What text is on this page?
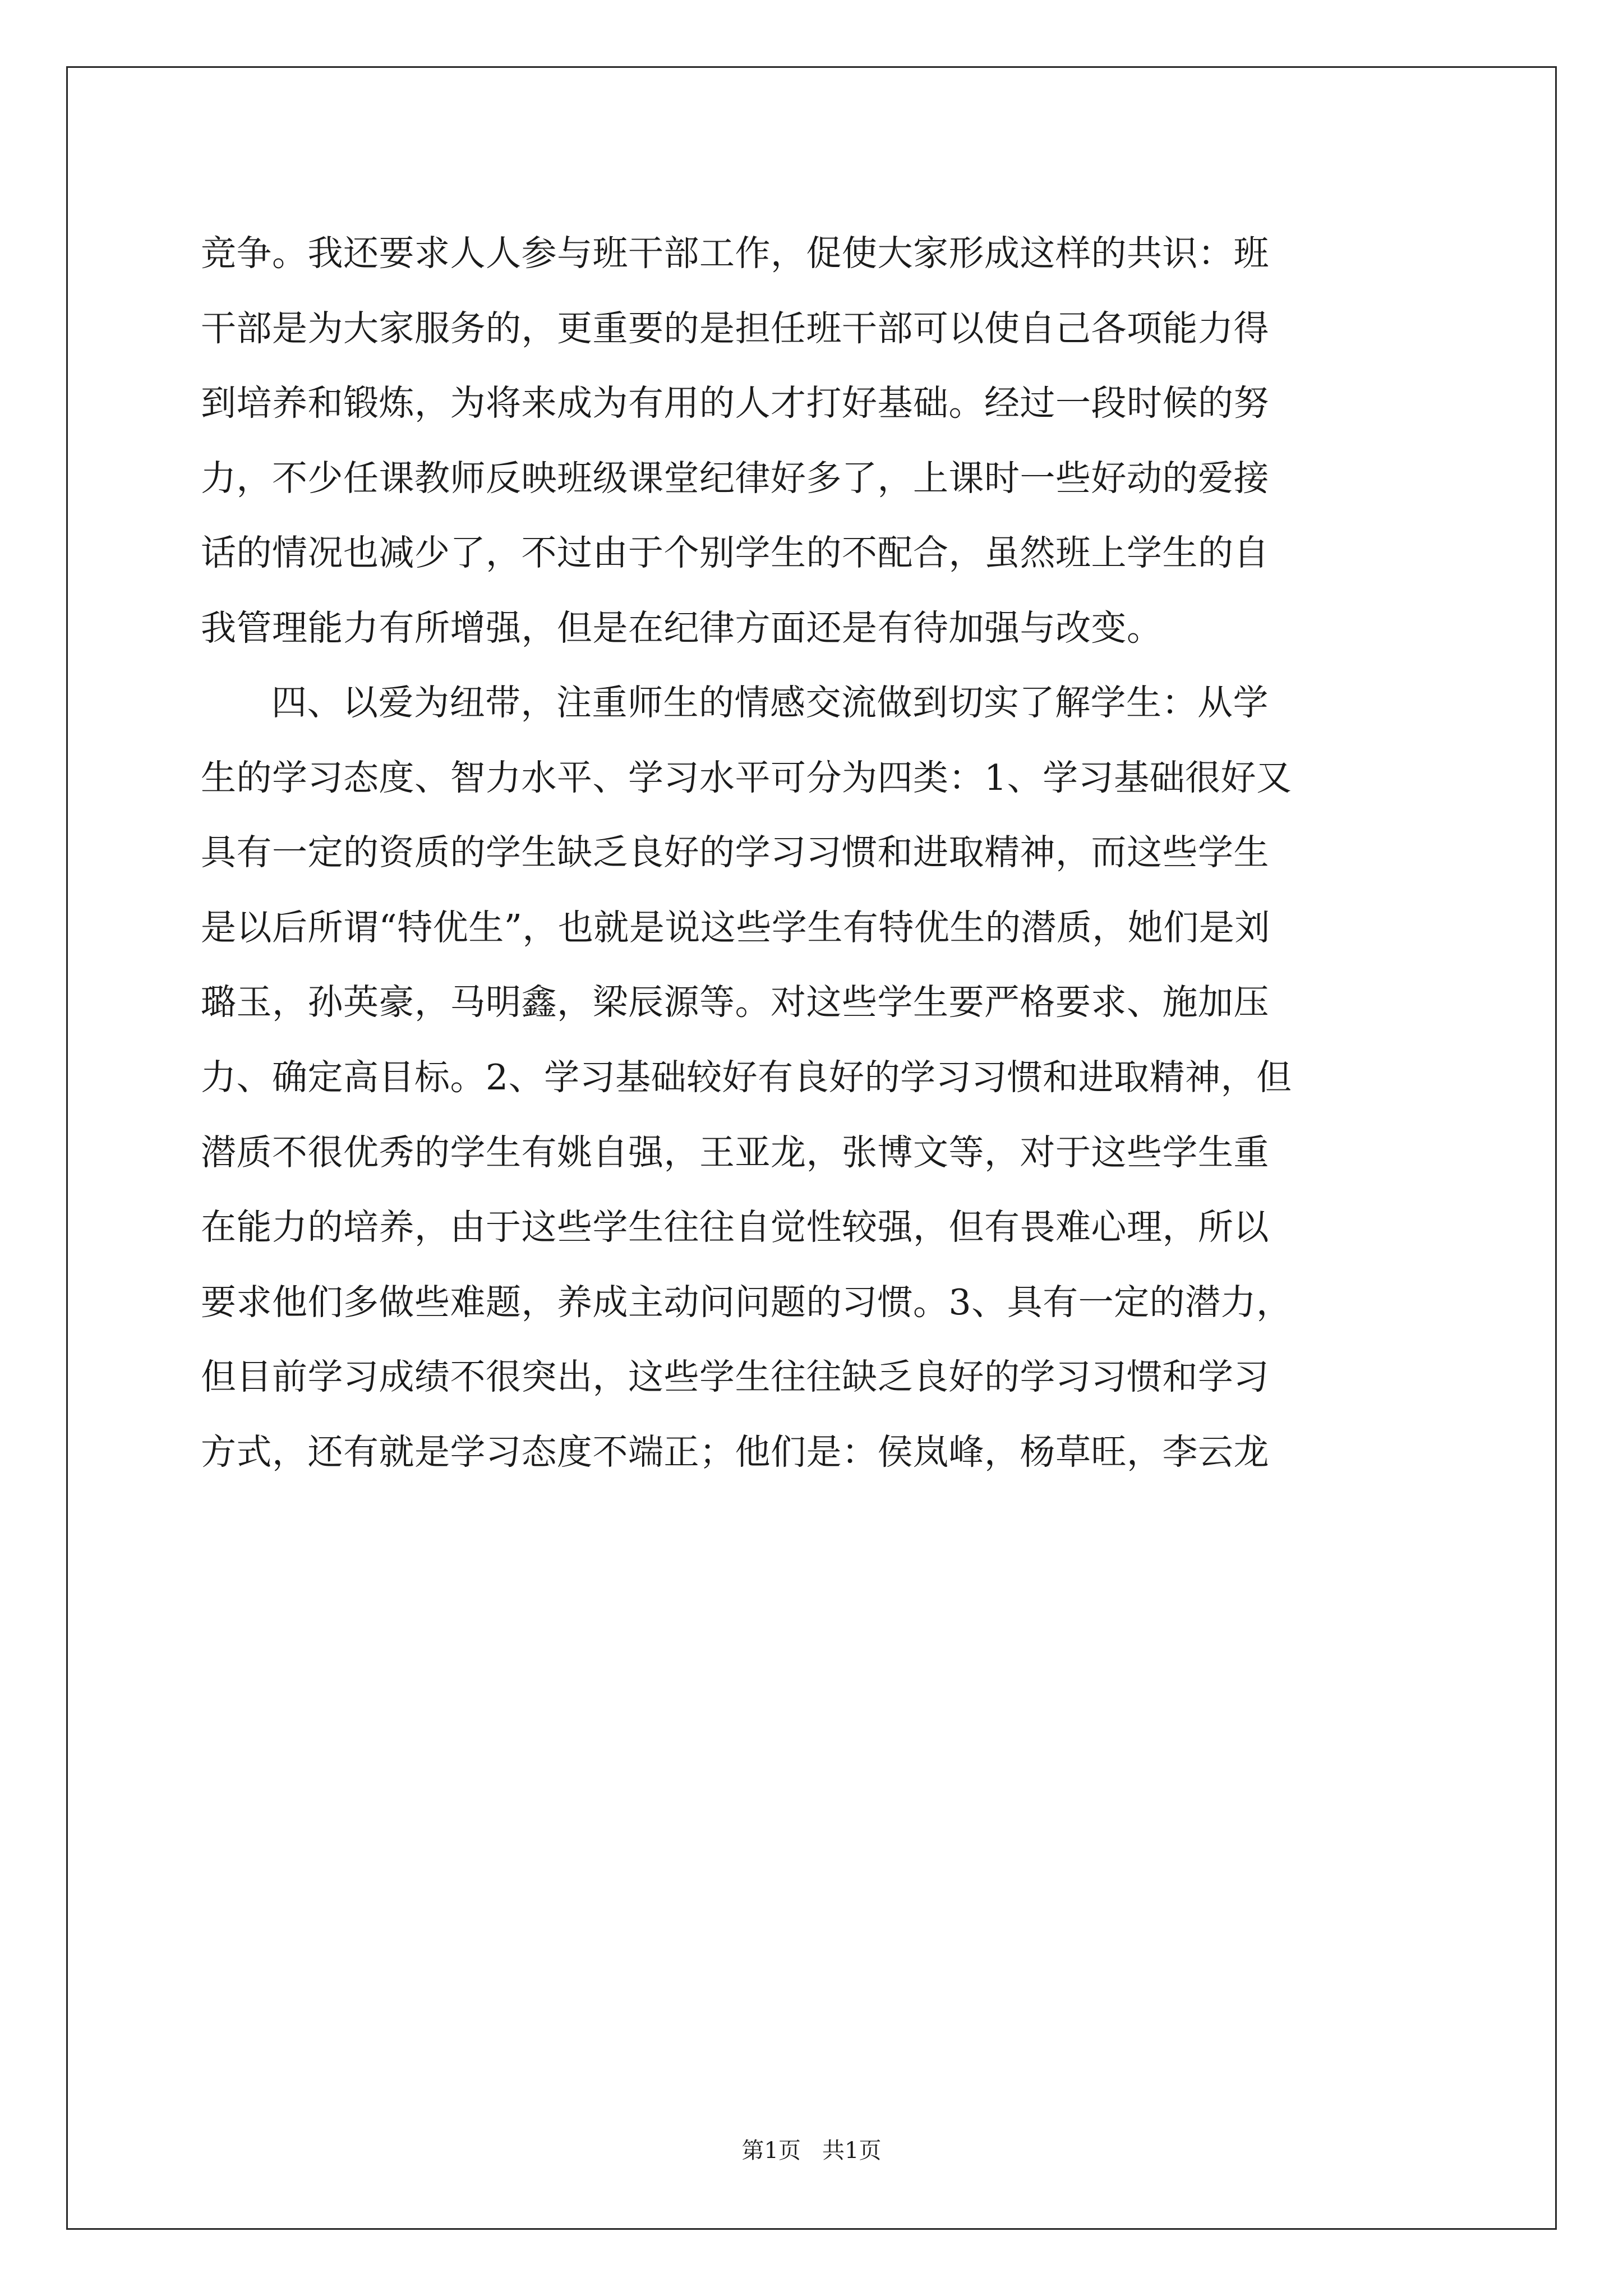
竞争。我还要求人人参与班干部工作，促使大家形成这样的共识：班
干部是为大家服务的，更重要的是担任班干部可以使自己各项能力得
到培养和锻炼，为将来成为有用的人才打好基础。经过一段时候的努
力，不少任课教师反映班级课堂纪律好多了，上课时一些好动的爱接
话的情况也减少了，不过由于个别学生的不配合，虽然班上学生的自
我管理能力有所增强，但是在纪律方面还是有待加强与改变。

四、以爱为纽带，注重师生的情感交流做到切实了解学生：从学
生的学习态度、智力水平、学习水平可分为四类：1、学习基础很好又
具有一定的资质的学生缺乏良好的学习习惯和进取精神，而这些学生
是以后所谓“特优生”，也就是说这些学生有特优生的潜质，她们是刘
璐玉，孙英豪，马明鑫，梁辰源等。对这些学生要严格要求、施加压
力、确定高目标。2、学习基础较好有良好的学习习惯和进取精神，但
潜质不很优秀的学生有姚自强，王亚龙，张博文等，对于这些学生重
在能力的培养，由于这些学生往往自觉性较强，但有畏难心理，所以
要求他们多做些难题，养成主动问问题的习惯。3、具有一定的潜力，
但目前学习成绩不很突出，这些学生往往缺乏良好的学习习惯和学习
方式，还有就是学习态度不端正；他们是：侯岚峰，杨草旺，李云龙

第1页 共1页
